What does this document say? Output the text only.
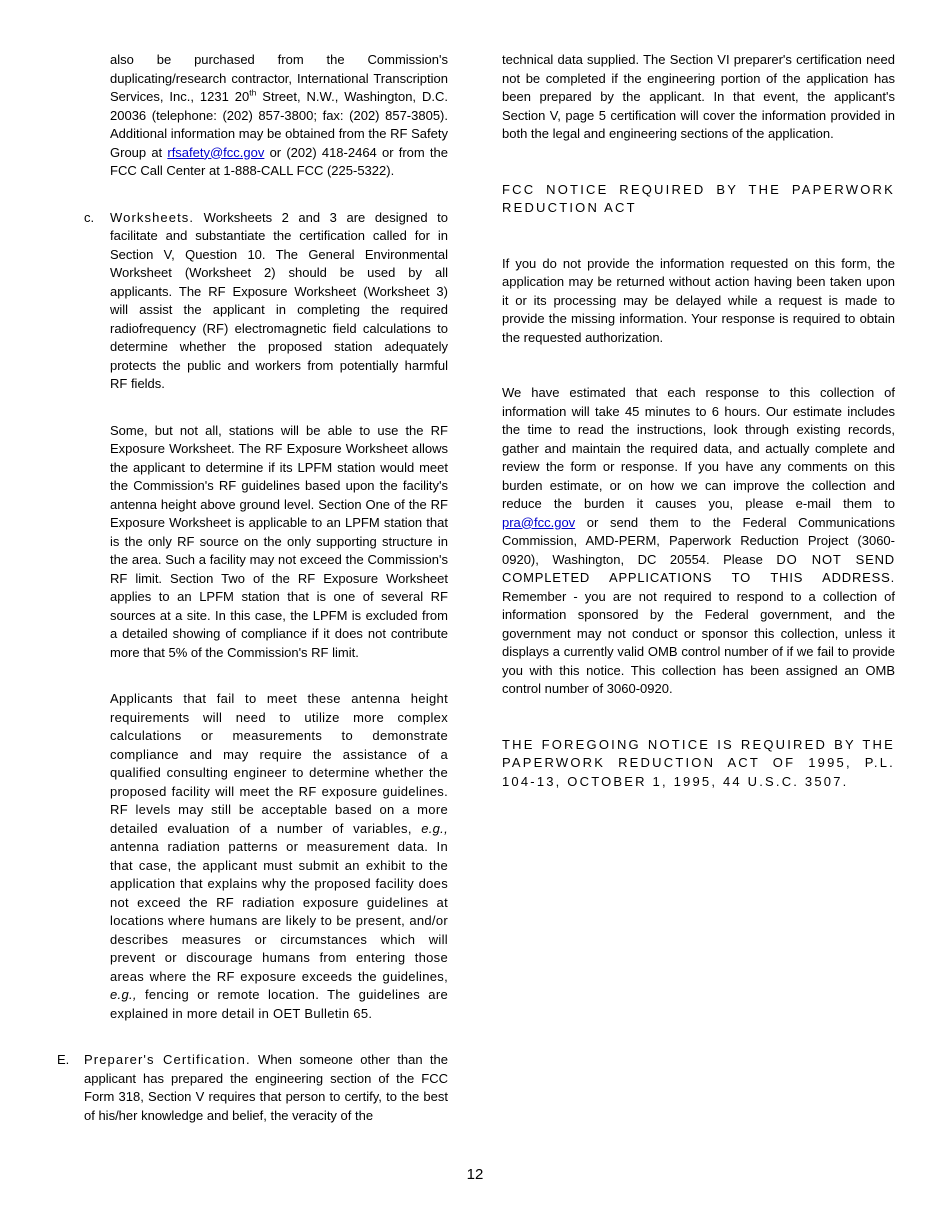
also be purchased from the Commission's duplicating/research contractor, International Transcription Services, Inc., 1231 20th Street, N.W., Washington, D.C. 20036 (telephone: (202) 857-3800; fax: (202) 857-3805). Additional information may be obtained from the RF Safety Group at rfsafety@fcc.gov or (202) 418-2464 or from the FCC Call Center at 1-888-CALL FCC (225-5322).

c. Worksheets. Worksheets 2 and 3 are designed to facilitate and substantiate the certification called for in Section V, Question 10. The General Environmental Worksheet (Worksheet 2) should be used by all applicants. The RF Exposure Worksheet (Worksheet 3) will assist the applicant in completing the required radiofrequency (RF) electromagnetic field calculations to determine whether the proposed station adequately protects the public and workers from potentially harmful RF fields.

Some, but not all, stations will be able to use the RF Exposure Worksheet. The RF Exposure Worksheet allows the applicant to determine if its LPFM station would meet the Commission's RF guidelines based upon the facility's antenna height above ground level. Section One of the RF Exposure Worksheet is applicable to an LPFM station that is the only RF source on the only supporting structure in the area. Such a facility may not exceed the Commission's RF limit. Section Two of the RF Exposure Worksheet applies to an LPFM station that is one of several RF sources at a site. In this case, the LPFM is excluded from a detailed showing of compliance if it does not contribute more that 5% of the Commission's RF limit.

Applicants that fail to meet these antenna height requirements will need to utilize more complex calculations or measurements to demonstrate compliance and may require the assistance of a qualified consulting engineer to determine whether the proposed facility will meet the RF exposure guidelines. RF levels may still be acceptable based on a more detailed evaluation of a number of variables, e.g., antenna radiation patterns or measurement data. In that case, the applicant must submit an exhibit to the application that explains why the proposed facility does not exceed the RF radiation exposure guidelines at locations where humans are likely to be present, and/or describes measures or circumstances which will prevent or discourage humans from entering those areas where the RF exposure exceeds the guidelines, e.g., fencing or remote location. The guidelines are explained in more detail in OET Bulletin 65.

E. Preparer's Certification. When someone other than the applicant has prepared the engineering section of the FCC Form 318, Section V requires that person to certify, to the best of his/her knowledge and belief, the veracity of the

technical data supplied. The Section VI preparer's certification need not be completed if the engineering portion of the application has been prepared by the applicant. In that event, the applicant's Section V, page 5 certification will cover the information provided in both the legal and engineering sections of the application.

FCC NOTICE REQUIRED BY THE PAPERWORK REDUCTION ACT

If you do not provide the information requested on this form, the application may be returned without action having been taken upon it or its processing may be delayed while a request is made to provide the missing information. Your response is required to obtain the requested authorization.

We have estimated that each response to this collection of information will take 45 minutes to 6 hours. Our estimate includes the time to read the instructions, look through existing records, gather and maintain the required data, and actually complete and review the form or response. If you have any comments on this burden estimate, or on how we can improve the collection and reduce the burden it causes you, please e-mail them to pra@fcc.gov or send them to the Federal Communications Commission, AMD-PERM, Paperwork Reduction Project (3060-0920), Washington, DC 20554. Please DO NOT SEND COMPLETED APPLICATIONS TO THIS ADDRESS. Remember - you are not required to respond to a collection of information sponsored by the Federal government, and the government may not conduct or sponsor this collection, unless it displays a currently valid OMB control number of if we fail to provide you with this notice. This collection has been assigned an OMB control number of 3060-0920.

THE FOREGOING NOTICE IS REQUIRED BY THE PAPERWORK REDUCTION ACT OF 1995, P.L. 104-13, OCTOBER 1, 1995, 44 U.S.C. 3507.

12
